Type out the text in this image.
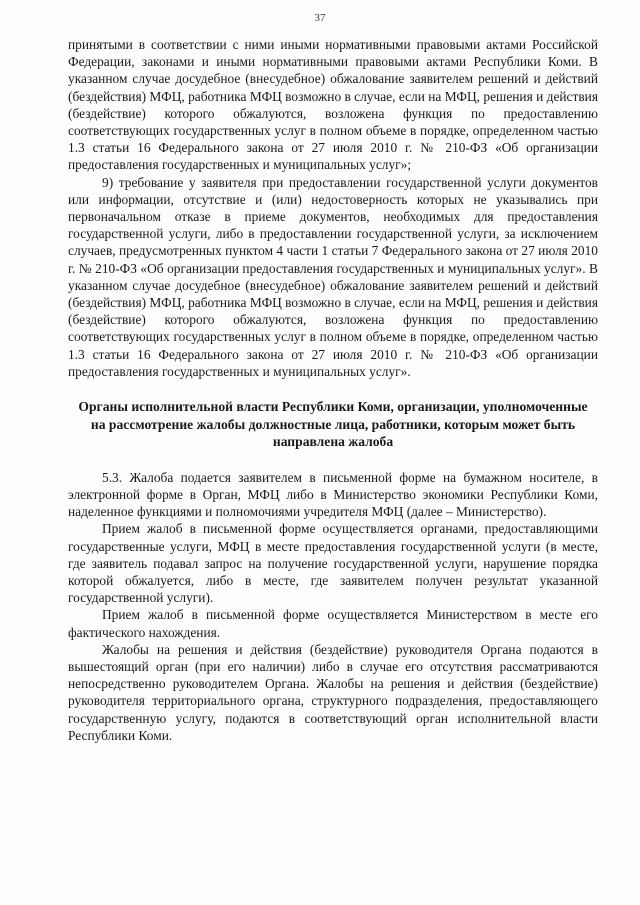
37

принятыми в соответствии с ними иными нормативными правовыми актами Российской Федерации, законами и иными нормативными правовыми актами Республики Коми. В указанном случае досудебное (внесудебное) обжалование заявителем решений и действий (бездействия) МФЦ, работника МФЦ возможно в случае, если на МФЦ, решения и действия (бездействие) которого обжалуются, возложена функция по предоставлению соответствующих государственных услуг в полном объеме в порядке, определенном частью 1.3 статьи 16 Федерального закона от 27 июля 2010 г. № 210-ФЗ «Об организации предоставления государственных и муниципальных услуг»;

9) требование у заявителя при предоставлении государственной услуги документов или информации, отсутствие и (или) недостоверность которых не указывались при первоначальном отказе в приеме документов, необходимых для предоставления государственной услуги, либо в предоставлении государственной услуги, за исключением случаев, предусмотренных пунктом 4 части 1 статьи 7 Федерального закона от 27 июля 2010 г. № 210-ФЗ «Об организации предоставления государственных и муниципальных услуг». В указанном случае досудебное (внесудебное) обжалование заявителем решений и действий (бездействия) МФЦ, работника МФЦ возможно в случае, если на МФЦ, решения и действия (бездействие) которого обжалуются, возложена функция по предоставлению соответствующих государственных услуг в полном объеме в порядке, определенном частью 1.3 статьи 16 Федерального закона от 27 июля 2010 г. № 210-ФЗ «Об организации предоставления государственных и муниципальных услуг».

Органы исполнительной власти Республики Коми, организации, уполномоченные на рассмотрение жалобы должностные лица, работники, которым может быть направлена жалоба

5.3. Жалоба подается заявителем в письменной форме на бумажном носителе, в электронной форме в Орган, МФЦ либо в Министерство экономики Республики Коми, наделенное функциями и полномочиями учредителя МФЦ (далее – Министерство).

Прием жалоб в письменной форме осуществляется органами, предоставляющими государственные услуги, МФЦ в месте предоставления государственной услуги (в месте, где заявитель подавал запрос на получение государственной услуги, нарушение порядка которой обжалуется, либо в месте, где заявителем получен результат указанной государственной услуги).

Прием жалоб в письменной форме осуществляется Министерством в месте его фактического нахождения.

Жалобы на решения и действия (бездействие) руководителя Органа подаются в вышестоящий орган (при его наличии) либо в случае его отсутствия рассматриваются непосредственно руководителем Органа. Жалобы на решения и действия (бездействие) руководителя территориального органа, структурного подразделения, предоставляющего государственную услугу, подаются в соответствующий орган исполнительной власти Республики Коми.
